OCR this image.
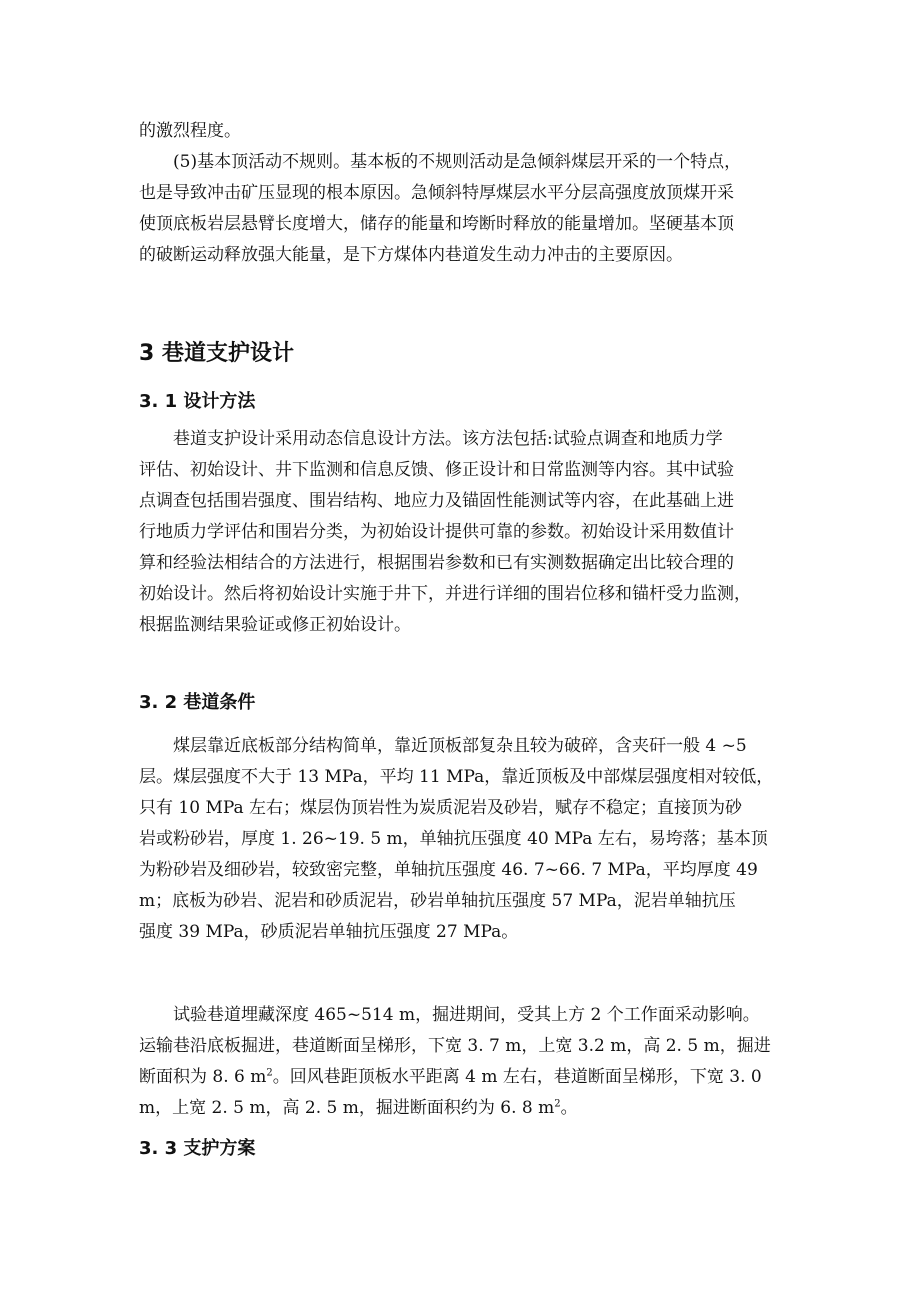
的激烈程度。
(5)基本顶活动不规则。基本板的不规则活动是急倾斜煤层开采的一个特点，
也是导致冲击矿压显现的根本原因。急倾斜特厚煤层水平分层高强度放顶煤开采
使顶底板岩层悬臂长度增大，储存的能量和垮断时释放的能量增加。坚硬基本顶
的破断运动释放强大能量，是下方煤体内巷道发生动力冲击的主要原因。
3 巷道支护设计
3. 1 设计方法
巷道支护设计采用动态信息设计方法。该方法包括:试验点调查和地质力学
评估、初始设计、井下监测和信息反馈、修正设计和日常监测等内容。其中试验
点调查包括围岩强度、围岩结构、地应力及锚固性能测试等内容，在此基础上进
行地质力学评估和围岩分类，为初始设计提供可靠的参数。初始设计采用数值计
算和经验法相结合的方法进行，根据围岩参数和已有实测数据确定出比较合理的
初始设计。然后将初始设计实施于井下，并进行详细的围岩位移和锚杆受力监测，
根据监测结果验证或修正初始设计。
3. 2 巷道条件
煤层靠近底板部分结构简单，靠近顶板部复杂且较为破碎，含夹矸一般 4 ~5
层。煤层强度不大于 13 MPa，平均 11 MPa，靠近顶板及中部煤层强度相对较低，
只有 10 MPa 左右；煤层伪顶岩性为炭质泥岩及砂岩，赋存不稳定；直接顶为砂
岩或粉砂岩，厚度 1. 26~19. 5 m，单轴抗压强度 40 MPa 左右，易垮落；基本顶
为粉砂岩及细砂岩，较致密完整，单轴抗压强度 46. 7~66. 7 MPa，平均厚度 49
m；底板为砂岩、泥岩和砂质泥岩，砂岩单轴抗压强度 57 MPa，泥岩单轴抗压
强度 39 MPa，砂质泥岩单轴抗压强度 27 MPa。
试验巷道埋藏深度 465~514 m，掘进期间，受其上方 2 个工作面采动影响。
运输巷沿底板掘进，巷道断面呈梯形，下宽 3. 7 m，上宽 3.2 m，高 2. 5 m，掘进
断面积为 8. 6 $m^2$。回风巷距顶板水平距离 4 m 左右，巷道断面呈梯形，下宽 3. 0
m，上宽 2. 5 m，高 2. 5 m，掘进断面积约为 6. 8 $m^2$。
3. 3 支护方案
